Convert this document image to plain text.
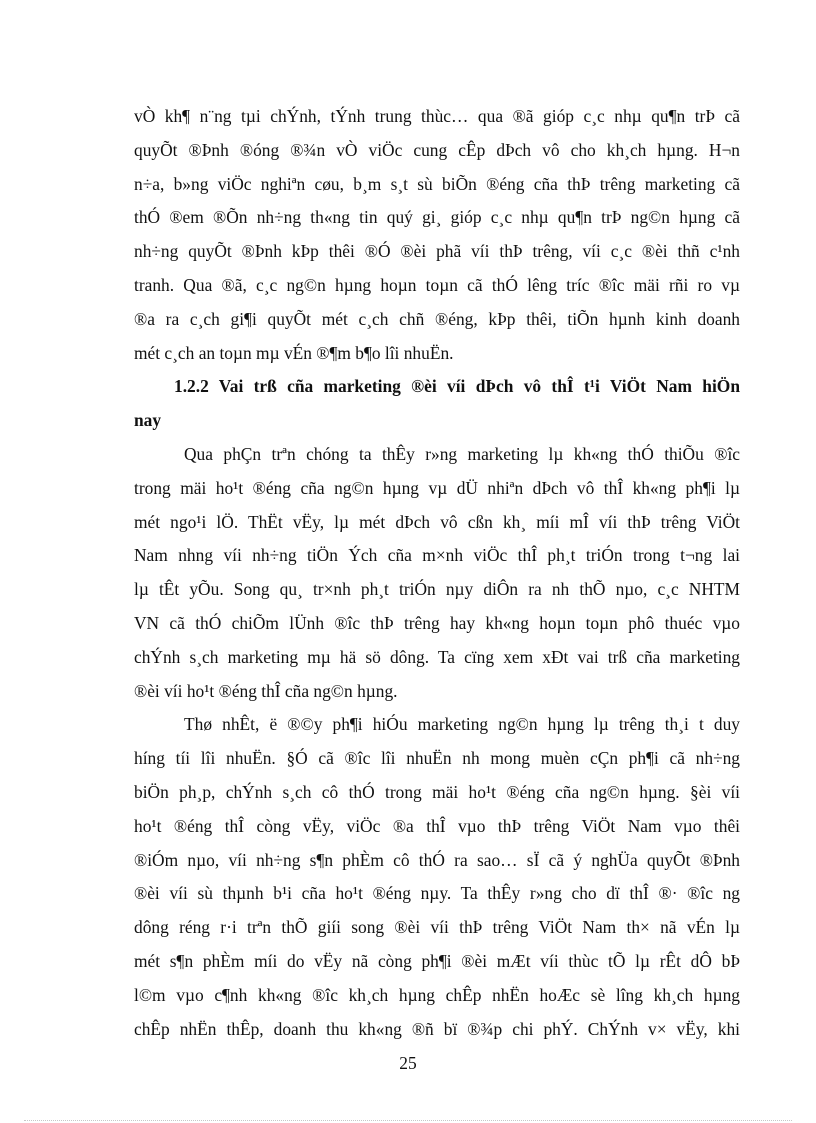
vÒ kh¶ n¨ng tµi chÝnh, tÝnh trung thùc… qua ®ã gióp c¸c nhµ qu¶n trÞ cã
quyÕt ®Þnh ®óng ®¾n vÒ viÖc cung cÊp dÞch vô cho kh¸ch hµng. H¬n
n÷a, b»ng viÖc nghiªn cøu, b¸m s¸t sù biÕn ®éng cña thÞ trêng marketing cã
thÓ ®em ®Õn nh÷ng th«ng tin quý gi¸ gióp c¸c nhµ qu¶n trÞ ng©n hµng cã
nh÷ng quyÕt ®Þnh kÞp thêi ®Ó ®èi phã víi thÞ trêng, víi c¸c ®èi thñ c¹nh
tranh. Qua ®ã, c¸c ng©n hµng hoµn toµn cã thÓ lêng tríc ®îc mäi rñi ro vµ
®a ra c¸ch gi¶i quyÕt mét c¸ch chñ ®éng, kÞp thêi, tiÕn hµnh kinh doanh
mét c¸ch an toµn mµ vÉn ®¶m b¶o lîi nhuËn.
1.2.2 Vai trß cña marketing ®èi víi dÞch vô thÎ t¹i ViÖt Nam hiÖn
nay
Qua phÇn trªn chóng ta thÊy r»ng marketing lµ kh«ng thÓ thiÕu ®îc
trong mäi ho¹t ®éng cña ng©n hµng vµ dÜ nhiªn dÞch vô thÎ kh«ng ph¶i lµ
mét ngo¹i lÖ. ThËt vËy, lµ mét dÞch vô cßn kh¸ míi mÎ víi thÞ trêng ViÖt
Nam nhng víi nh÷ng tiÖn Ých cña m×nh viÖc thÎ ph¸t triÓn trong t¬ng lai
lµ tÊt yÕu. Song qu¸ tr×nh ph¸t triÓn nµy diÔn ra nh thÕ nµo, c¸c NHTM
VN cã thÓ chiÕm lÜnh ®îc thÞ trêng hay kh«ng hoµn toµn phô thuéc vµo
chÝnh s¸ch marketing mµ hä sö dông. Ta cïng xem xÐt vai trß cña marketing
®èi víi ho¹t ®éng thÎ cña ng©n hµng.
Thø nhÊt, ë ®©y ph¶i hiÓu marketing ng©n hµng lµ trêng th¸i t duy
híng tíi lîi nhuËn. §Ó cã ®îc lîi nhuËn nh mong muèn cÇn ph¶i cã nh÷ng
biÖn ph¸p, chÝnh s¸ch cô thÓ trong mäi ho¹t ®éng cña ng©n hµng. §èi víi
ho¹t ®éng thÎ còng vËy, viÖc ®a thÎ vµo thÞ trêng ViÖt Nam vµo thêi
®iÓm nµo, víi nh÷ng s¶n phÈm cô thÓ ra sao… sÏ cã ý nghÜa quyÕt ®Þnh
®èi víi sù thµnh b¹i cña ho¹t ®éng nµy. Ta thÊy r»ng cho dï thÎ ®· ®îc ng
dông réng r·i trªn thÕ giíi song ®èi víi thÞ trêng ViÖt Nam th× nã vÉn lµ
mét s¶n phÈm míi do vËy nã còng ph¶i ®èi mÆt víi thùc tÕ lµ rÊt dÔ bÞ
l©m vµo c¶nh kh«ng ®îc kh¸ch hµng chÊp nhËn hoÆc sè lîng kh¸ch hµng
chÊp nhËn thÊp, doanh thu kh«ng ®ñ bï ®¾p chi phÝ. ChÝnh v× vËy, khi
25
